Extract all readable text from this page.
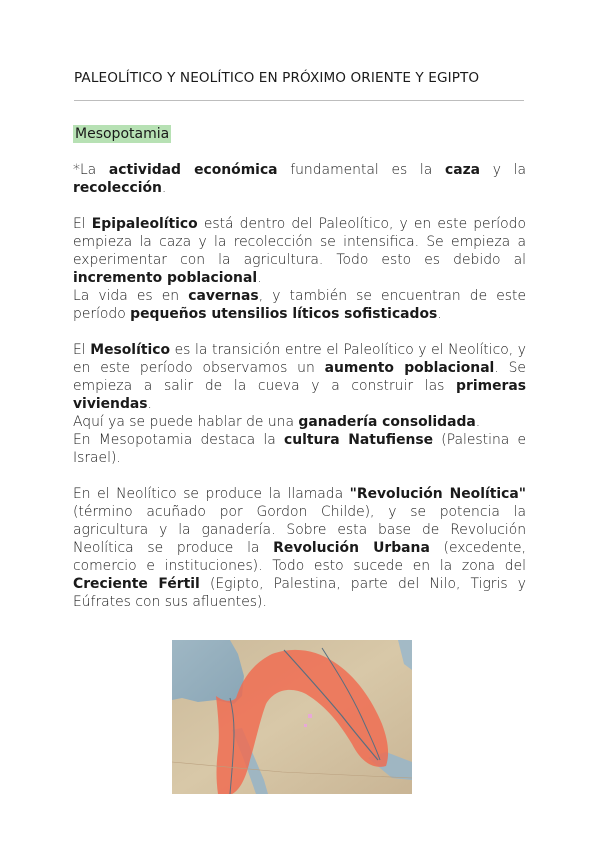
PALEOLÍTICO Y NEOLÍTICO EN PRÓXIMO ORIENTE Y EGIPTO
Mesopotamia

*La actividad económica fundamental es la caza y la recolección.

El Epipaleolítico está dentro del Paleolítico, y en este período empieza la caza y la recolección se intensifica. Se empieza a experimentar con la agricultura. Todo esto es debido al incremento poblacional.
La vida es en cavernas, y también se encuentran de este período pequeños utensilios líticos sofisticados.

El Mesolítico es la transición entre el Paleolítico y el Neolítico, y en este período observamos un aumento poblacional. Se empieza a salir de la cueva y a construir las primeras viviendas.
Aquí ya se puede hablar de una ganadería consolidada.
En Mesopotamia destaca la cultura Natufiense (Palestina e Israel).

En el Neolítico se produce la llamada "Revolución Neolítica" (término acuñado por Gordon Childe), y se potencia la agricultura y la ganadería. Sobre esta base de Revolución Neolítica se produce la Revolución Urbana (excedente, comercio e instituciones). Todo esto sucede en la zona del Creciente Fértil (Egipto, Palestina, parte del Nilo, Tigris y Eúfrates con sus afluentes).
